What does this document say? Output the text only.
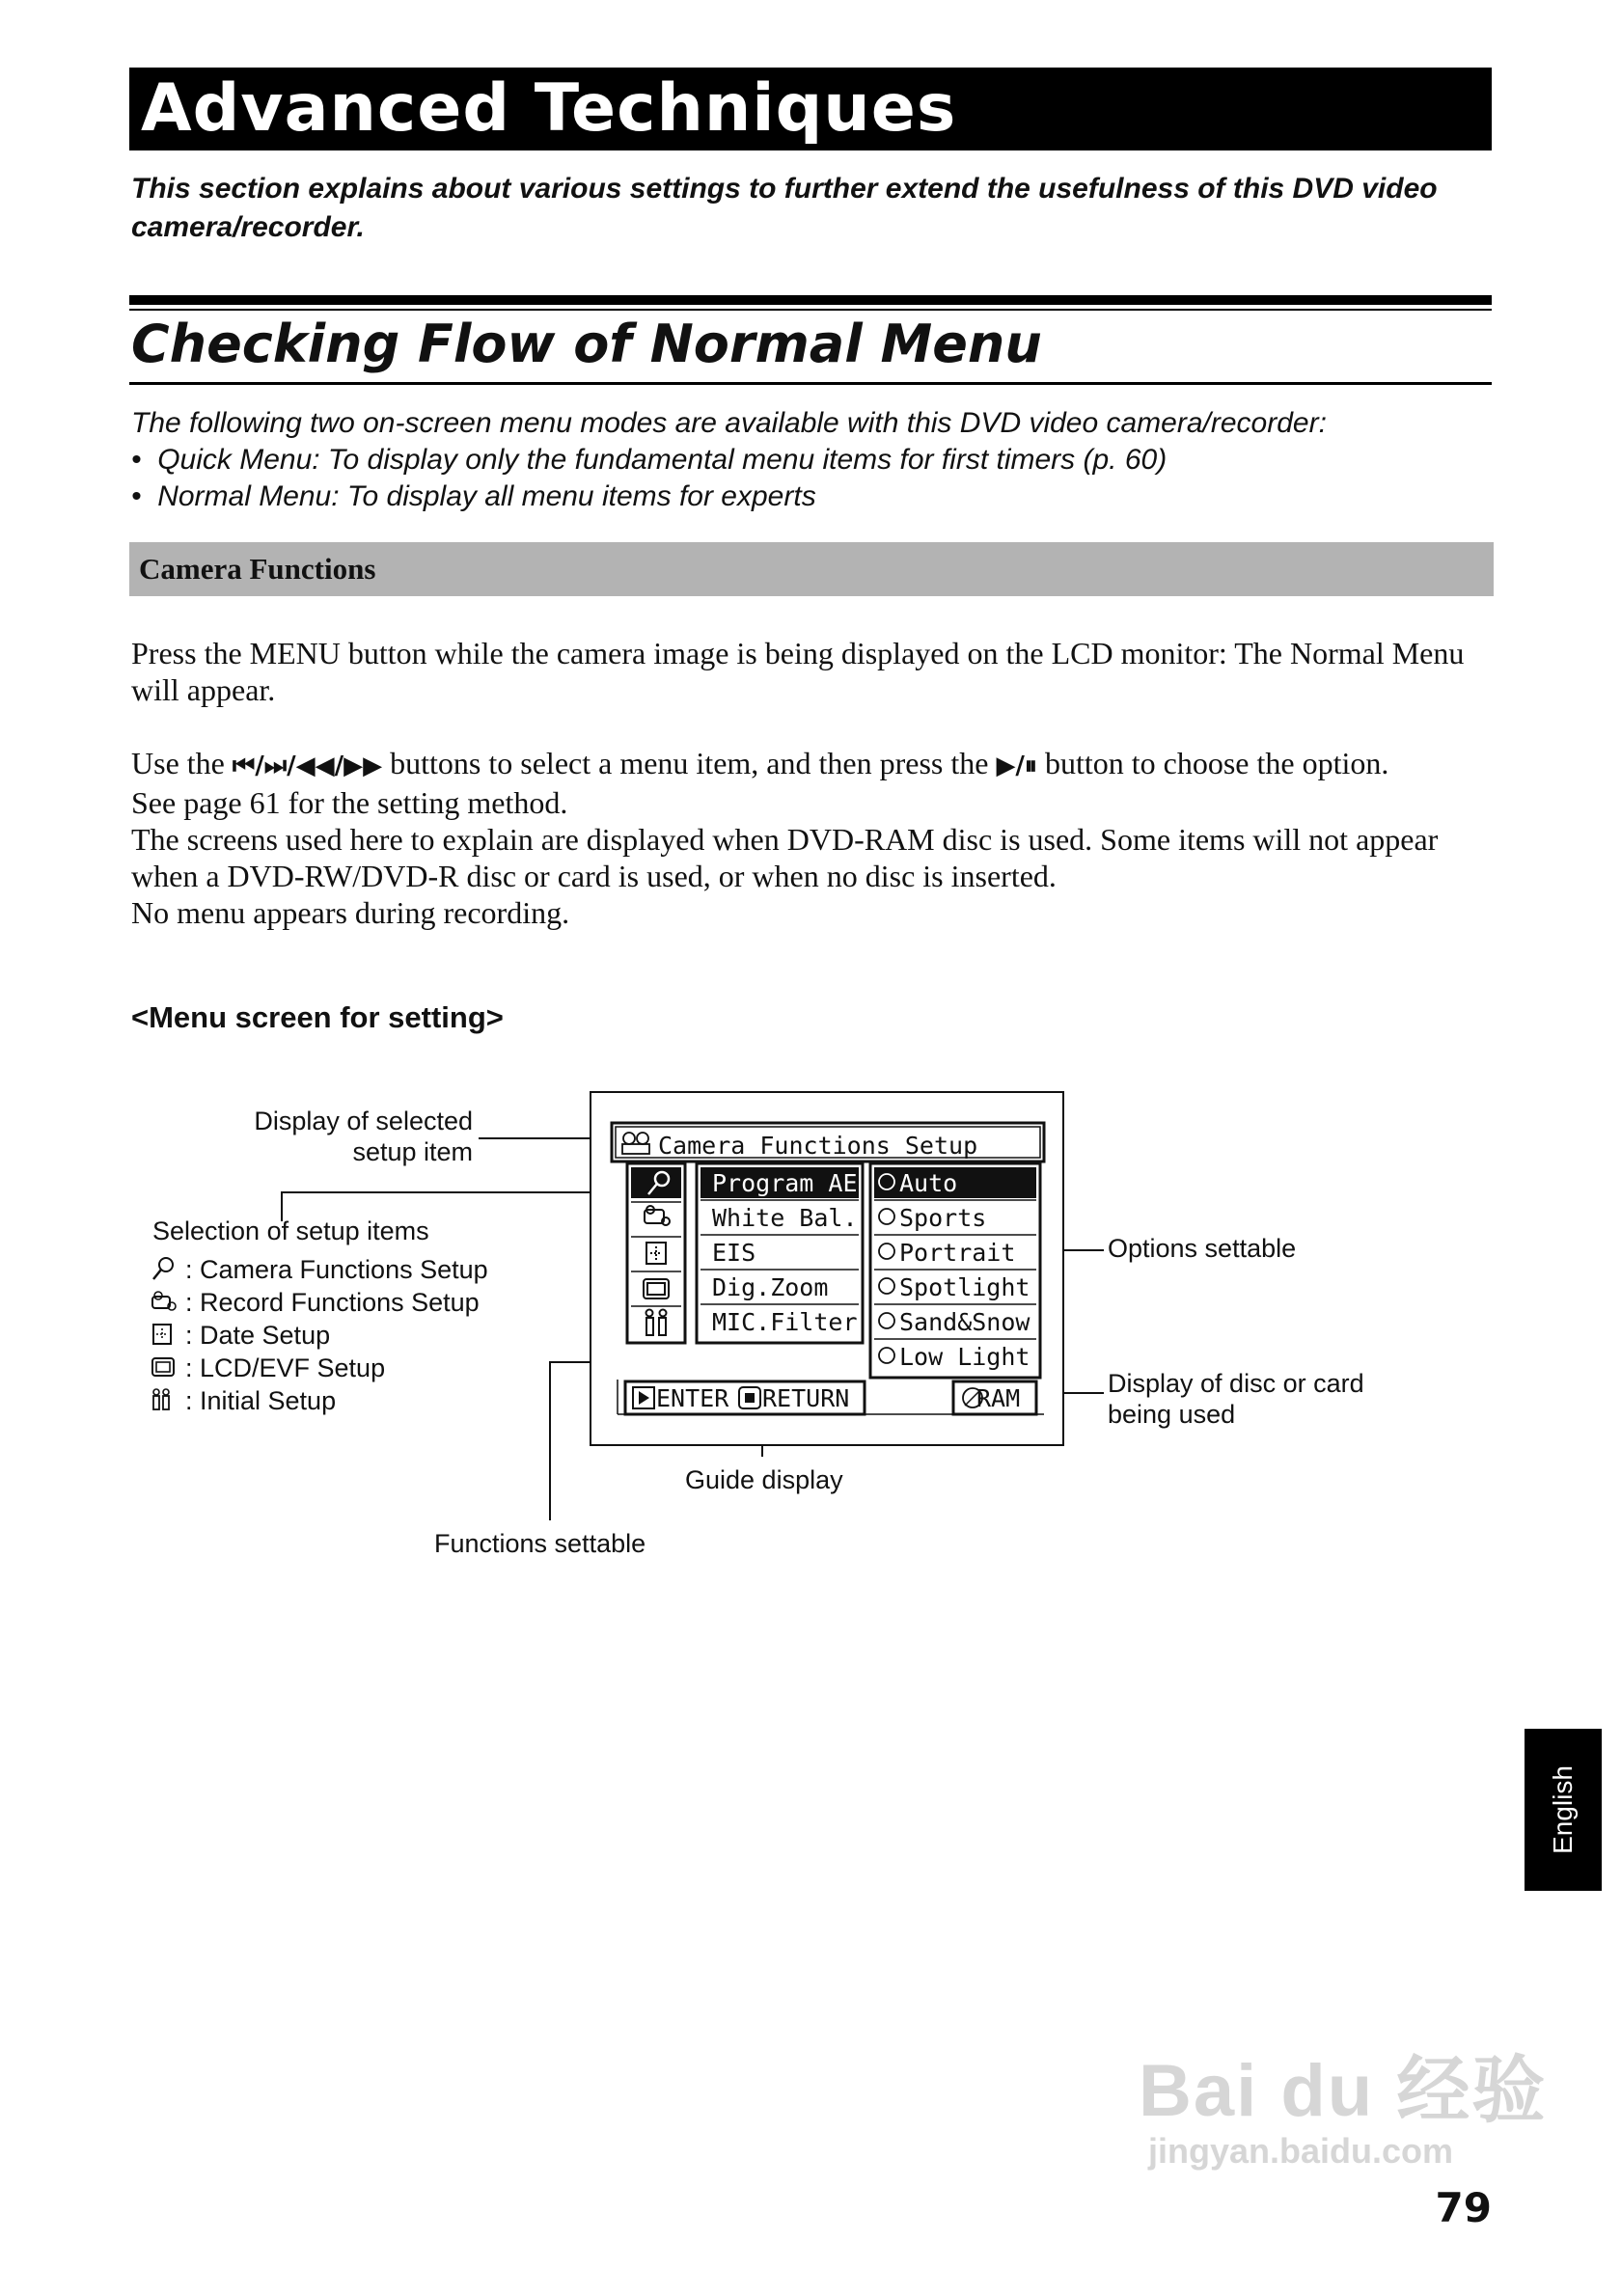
Advanced Techniques
This section explains about various settings to further extend the usefulness of this DVD video camera/recorder.
Checking Flow of Normal Menu

The following two on-screen menu modes are available with this DVD video camera/recorder:

•  Quick Menu: To display only the fundamental menu items for first timers (p. 60)

•  Normal Menu: To display all menu items for experts

Camera Functions

Press the MENU button while the camera image is being displayed on the LCD monitor: The Normal Menu will appear.

Use the ⏮/⏭/◀◀/▶▶ buttons to select a menu item, and then press the ▶/⏸ button to choose the option.

See page 61 for the setting method.

The screens used here to explain are displayed when DVD-RAM disc is used. Some items will not appear when a DVD-RW/DVD-R disc or card is used, or when no disc is inserted.

No menu appears during recording.

<Menu screen for setting>
Display of selected
setup item
Selection of setup items
: Camera Functions Setup
: Record Functions Setup
: Date Setup
: LCD/EVF Setup
: Initial Setup
Options settable
Display of disc or card
being used
Guide display
Functions settable
Camera Functions Setup
Program AE
White Bal.
EIS
Dig.Zoom
MIC.Filter
Auto
Sports
Portrait
Spotlight
Sand&Snow
Low Light
ENTER RETURN	RAM
English
Bai du 经验
jingyan.baidu.com
79
